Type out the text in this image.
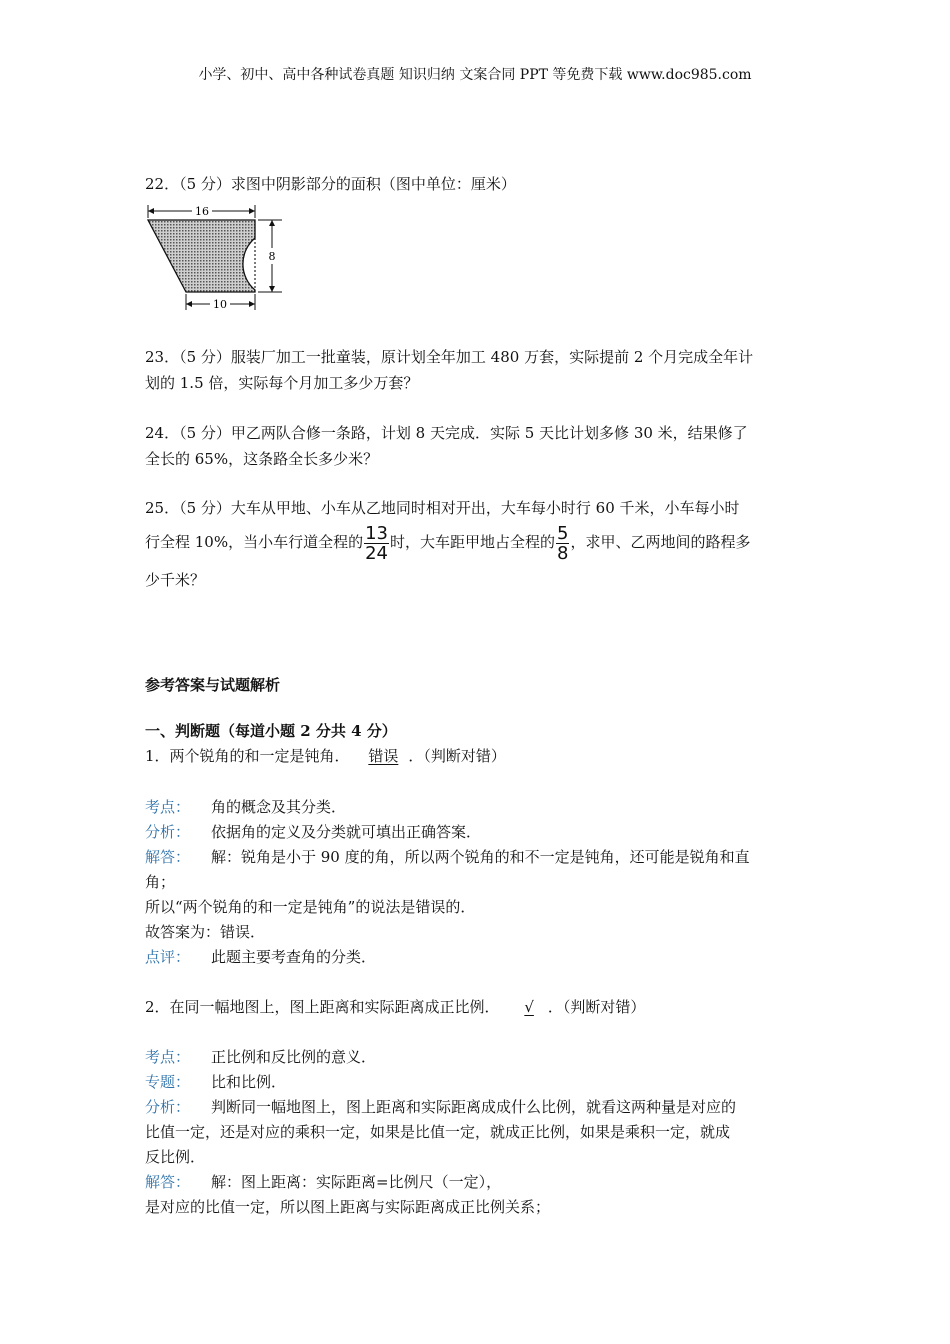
小学、初中、高中各种试卷真题 知识归纳 文案合同 PPT 等免费下载 www.doc985.com
22．（5 分）求图中阴影部分的面积（图中单位：厘米）
16
10
8
23．（5 分）服装厂加工一批童装，原计划全年加工 480 万套，实际提前 2 个月完成全年计
划的 1.5 倍，实际每个月加工多少万套？
24．（5 分）甲乙两队合修一条路，计划 8 天完成．实际 5 天比计划多修 30 米，结果修了
全长的 65%，这条路全长多少米？
25．（5 分）大车从甲地、小车从乙地同时相对开出，大车每小时行 60 千米，小车每小时
行全程 10%，当小车行道全程的 $\frac{13}{24}$ 时，大车距甲地占全程的 $\frac{5}{8}$ ，求甲、乙两地间的路程多
少千米？
参考答案与试题解析
一、判断题（每道小题 2 分共 4 分）
1．两个锐角的和一定是钝角． 错误 ．（判断对错）
考点： 角的概念及其分类．
分析： 依据角的定义及分类就可填出正确答案．
解答： 解：锐角是小于 90 度的角，所以两个锐角的和不一定是钝角，还可能是锐角和直
角；
所以“两个锐角的和一定是钝角”的说法是错误的．
故答案为：错误．
点评： 此题主要考查角的分类．
2．在同一幅地图上，图上距离和实际距离成正比例． √ ．（判断对错）
考点： 正比例和反比例的意义．
专题： 比和比例．
分析： 判断同一幅地图上，图上距离和实际距离成成什么比例，就看这两种量是对应的
比值一定，还是对应的乘积一定，如果是比值一定，就成正比例，如果是乘积一定，就成
反比例．
解答： 解：图上距离：实际距离=比例尺（一定），
是对应的比值一定，所以图上距离与实际距离成正比例关系；
